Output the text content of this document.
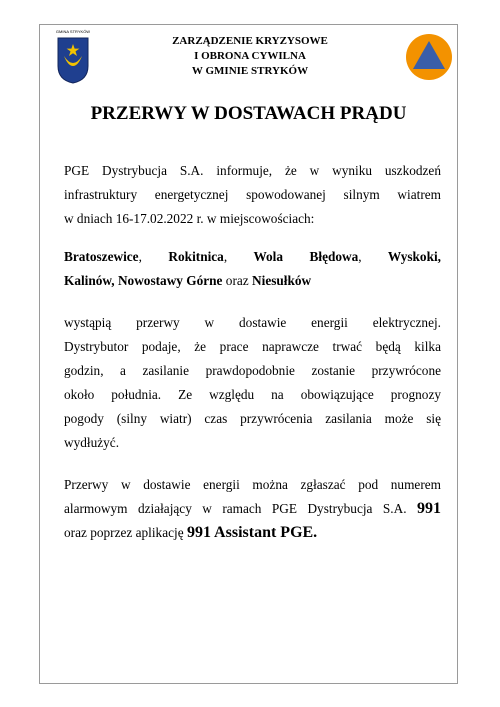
GMINA STRYKÓW
ZARZĄDZENIE KRYZYSOWE
I OBRONA CYWILNA
W GMINIE STRYKÓW
PRZERWY W DOSTAWACH PRĄDU
PGE Dystrybucja S.A. informuje, że w wyniku uszkodzeń
infrastruktury energetycznej spowodowanej silnym wiatrem
w dniach 16-17.02.2022 r. w miejscowościach:
Bratoszewice, Rokitnica, Wola Błędowa, Wyskoki,
Kalinów, Nowostawy Górne oraz Niesułków
wystąpią przerwy w dostawie energii elektrycznej.
Dystrybutor podaje, że prace naprawcze trwać będą kilka
godzin, a zasilanie prawdopodobnie zostanie przywrócone
około południa. Ze względu na obowiązujące prognozy
pogody (silny wiatr) czas przywrócenia zasilania może się
wydłużyć.
Przerwy w dostawie energii można zgłaszać pod numerem
alarmowym działający w ramach PGE Dystrybucja S.A. 991
oraz poprzez aplikację 991 Assistant PGE.
